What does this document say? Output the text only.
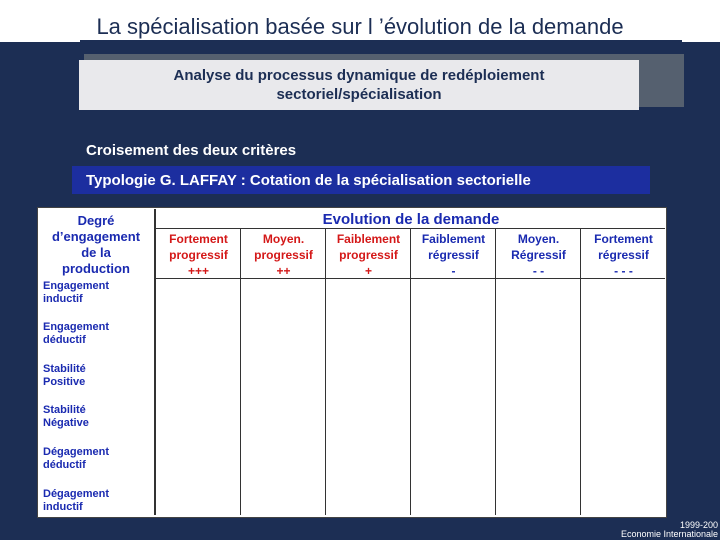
La spécialisation basée sur l ’évolution de la demande
Analyse du processus dynamique de redéploiement
sectoriel/spécialisation
Croisement des deux critères
Typologie G. LAFFAY : Cotation de la spécialisation sectorielle
Degré
d’engagement
de la
production
Evolution de la demande
Fortement
progressif
+++
Moyen.
progressif
++
Faiblement
progressif
+
Faiblement
régressif
-
Moyen.
Régressif
- -
Fortement
régressif
- - -
Engagement
inductif
Engagement
déductif
Stabilité
Positive
Stabilité
Négative
Dégagement
déductif
Dégagement
inductif
1999-200
Economie Internationale
